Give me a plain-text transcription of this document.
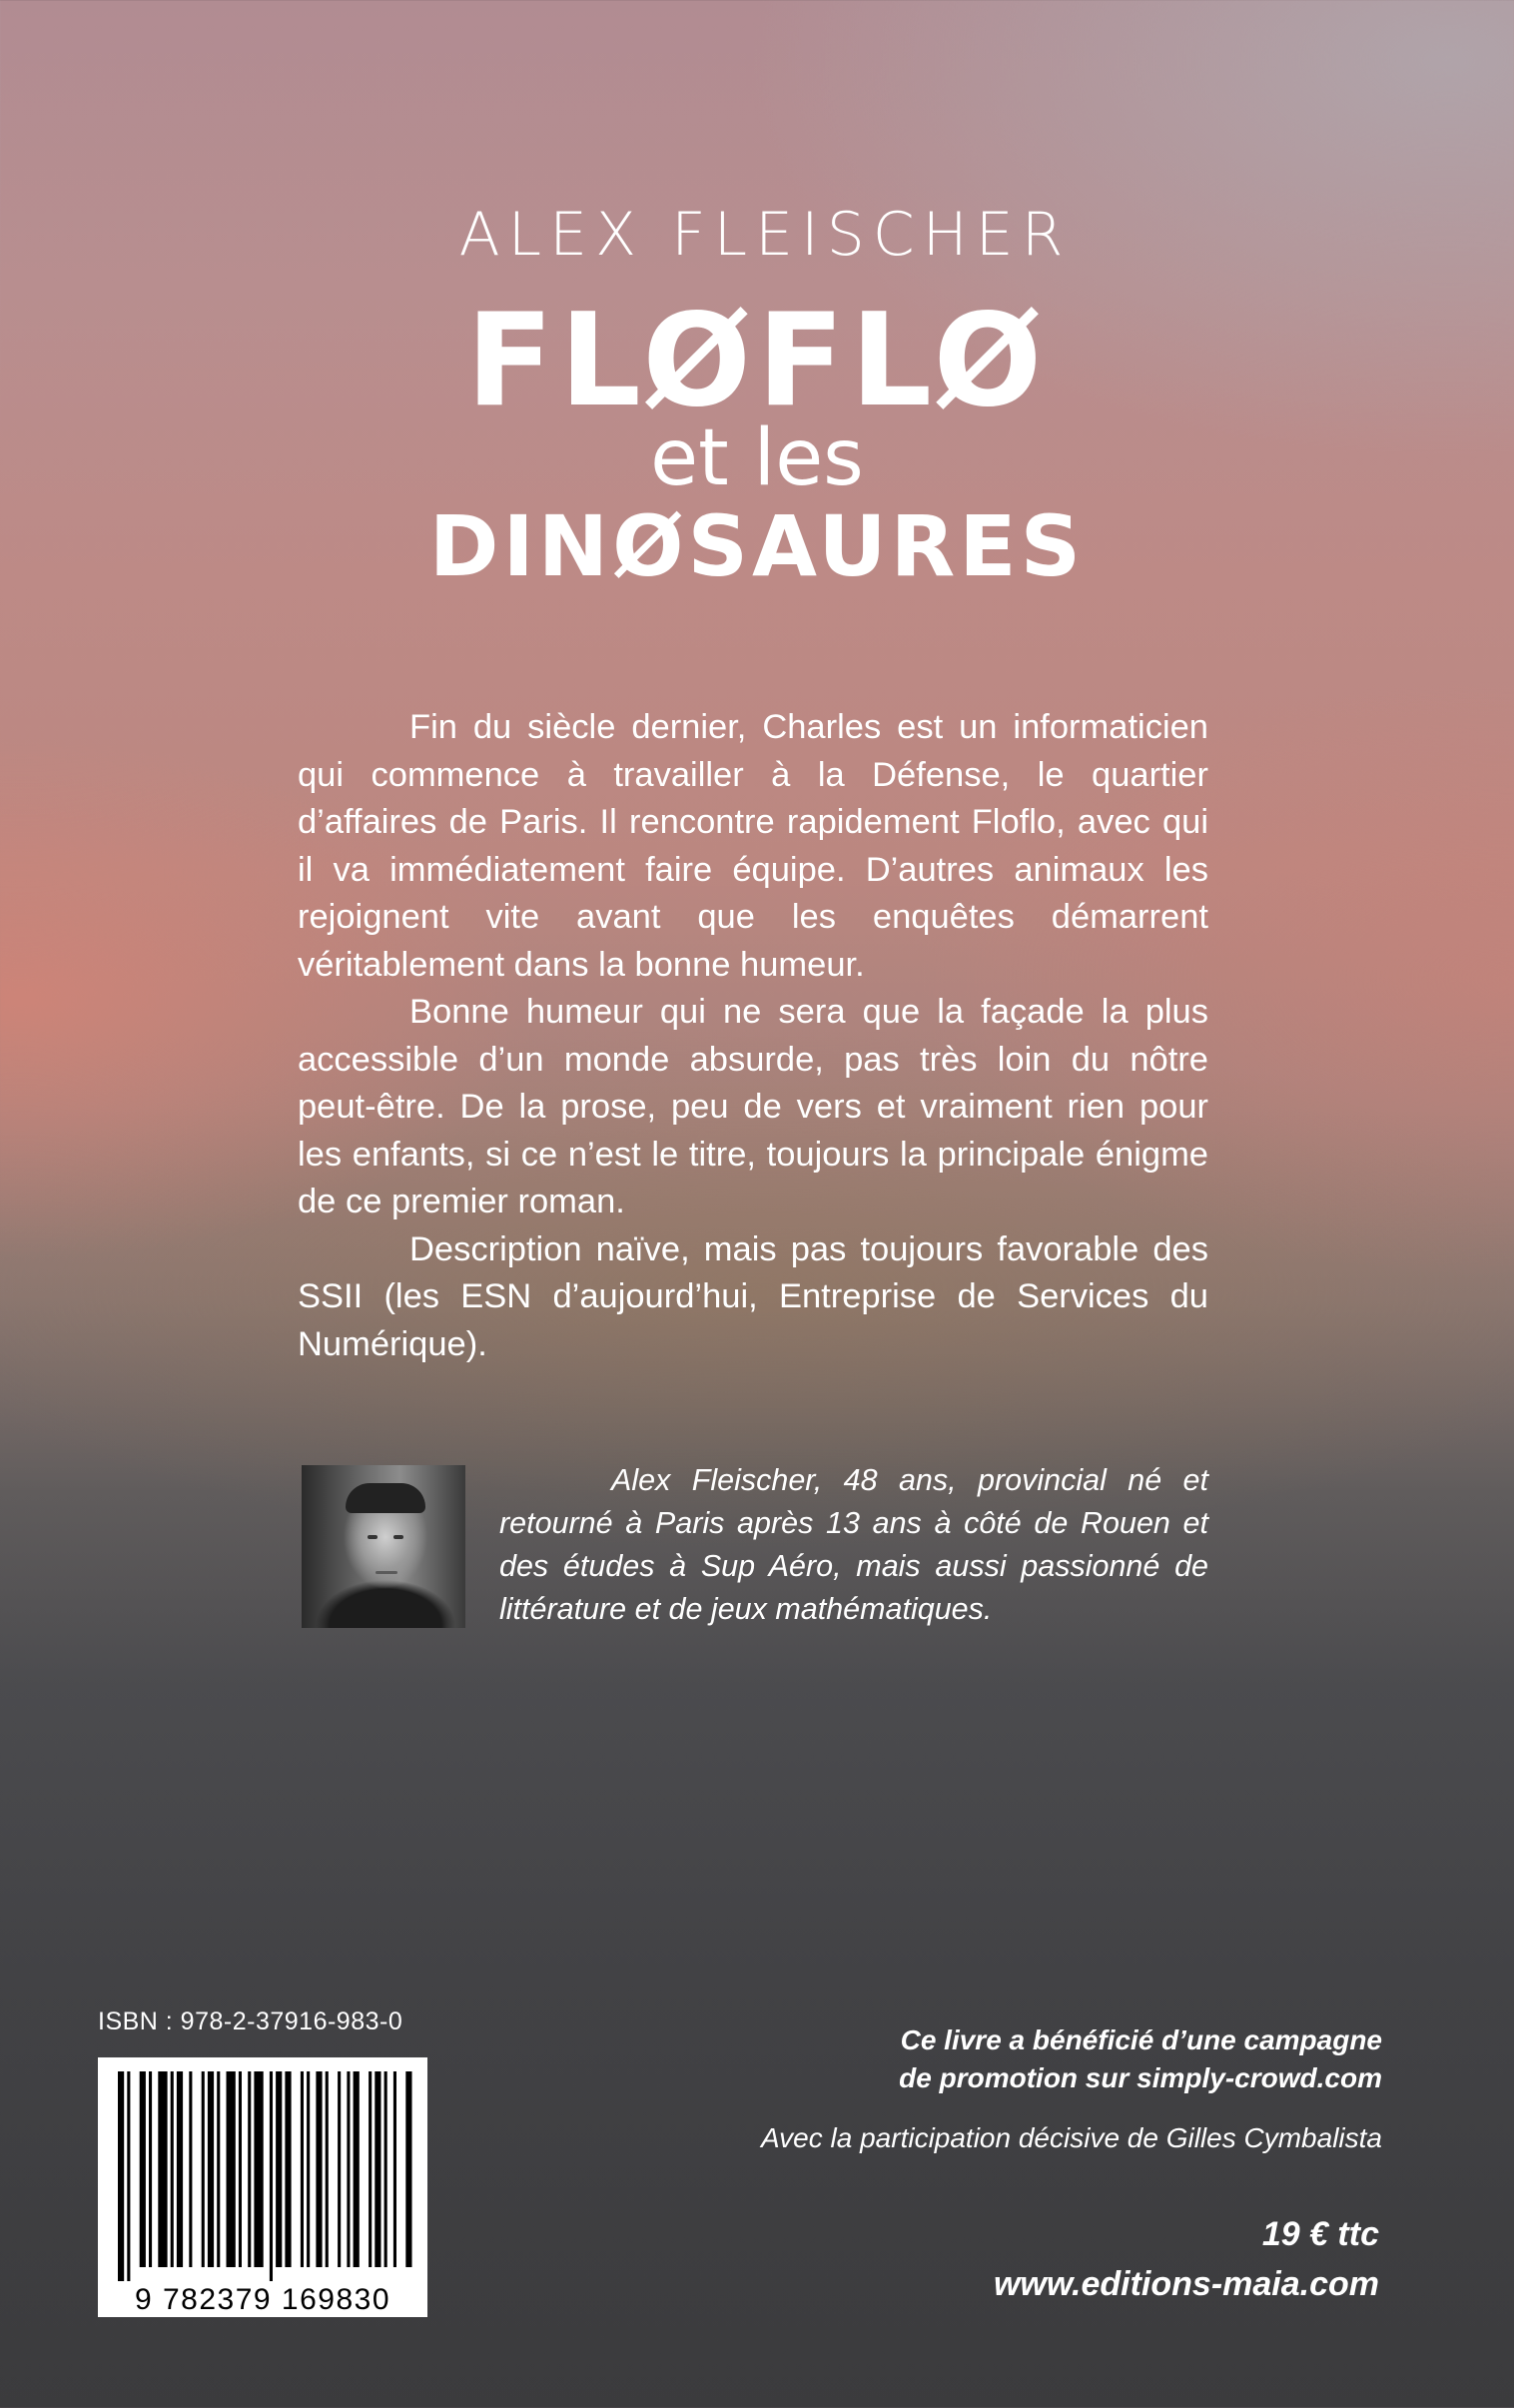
ALEX FLEISCHER
FLØFLØ
et les
DINØSAURES

Fin du siècle dernier, Charles est un informaticien qui commence à travailler à la Défense, le quartier d’affaires de Paris. Il rencontre rapidement Floflo, avec qui il va immédiatement faire équipe. D’autres animaux les rejoignent vite avant que les enquêtes démarrent véritablement dans la bonne humeur.

Bonne humeur qui ne sera que la façade la plus accessible d’un monde absurde, pas très loin du nôtre peut-être. De la prose, peu de vers et vraiment rien pour les enfants, si ce n’est le titre, toujours la principale énigme de ce premier roman.

Description naïve, mais pas toujours favorable des SSII (les ESN d’aujourd’hui, Entreprise de Services du Numérique).

Alex Fleischer, 48 ans, provincial né et retourné à Paris après 13 ans à côté de Rouen et des études à Sup Aéro, mais aussi passionné de littérature et de jeux mathématiques.

ISBN : 978-2-37916-983-0
9 782379 169830
Ce livre a bénéficié d’une campagne
de promotion sur simply-crowd.com
Avec la participation décisive de Gilles Cymbalista
19 € ttc
www.editions-maia.com
